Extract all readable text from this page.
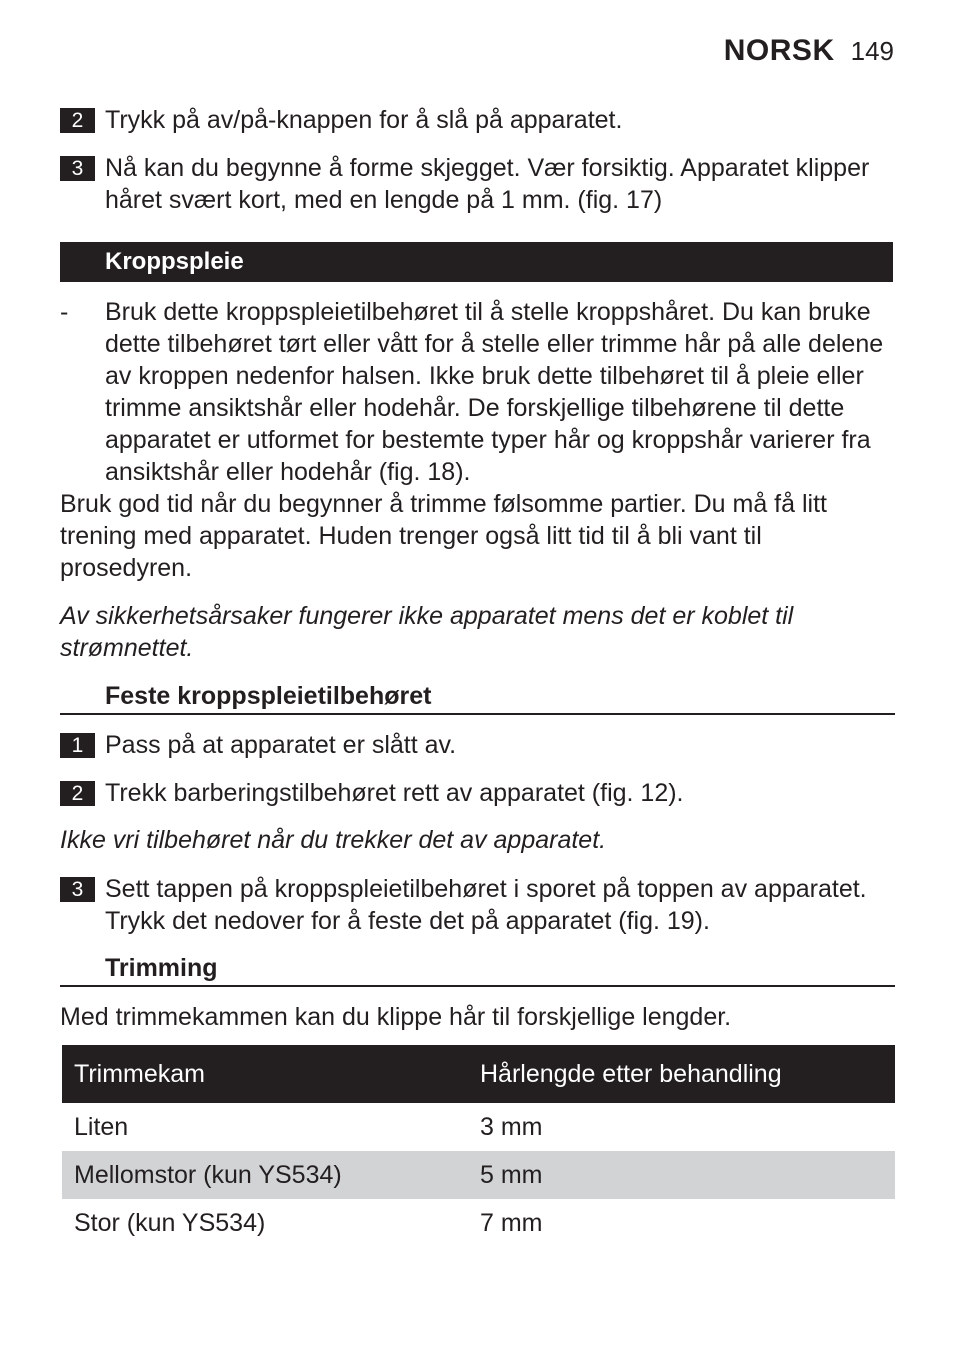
NORSK 149
2 Trykk på av/på-knappen for å slå på apparatet.
3 Nå kan du begynne å forme skjegget. Vær forsiktig. Apparatet klipper håret svært kort, med en lengde på 1 mm. (fig. 17)
Kroppspleie
- Bruk dette kroppspleietilbehøret til å stelle kroppshåret. Du kan bruke dette tilbehøret tørt eller vått for å stelle eller trimme hår på alle delene av kroppen nedenfor halsen. Ikke bruk dette tilbehøret til å pleie eller trimme ansiktshår eller hodehår. De forskjellige tilbehørene til dette apparatet er utformet for bestemte typer hår og kroppshår varierer fra ansiktshår eller hodehår (fig. 18).
Bruk god tid når du begynner å trimme følsomme partier. Du må få litt trening med apparatet. Huden trenger også litt tid til å bli vant til prosedyren.
Av sikkerhetsårsaker fungerer ikke apparatet mens det er koblet til strømnettet.
Feste kroppspleietilbehøret
1 Pass på at apparatet er slått av.
2 Trekk barberingstilbehøret rett av apparatet (fig. 12).
Ikke vri tilbehøret når du trekker det av apparatet.
3 Sett tappen på kroppspleietilbehøret i sporet på toppen av apparatet. Trykk det nedover for å feste det på apparatet (fig. 19).
Trimming
Med trimmekammen kan du klippe hår til forskjellige lengder.
Trimmekam	Hårlengde etter behandling
Liten	3 mm
Mellomstor (kun YS534)	5 mm
Stor (kun YS534)	7 mm
